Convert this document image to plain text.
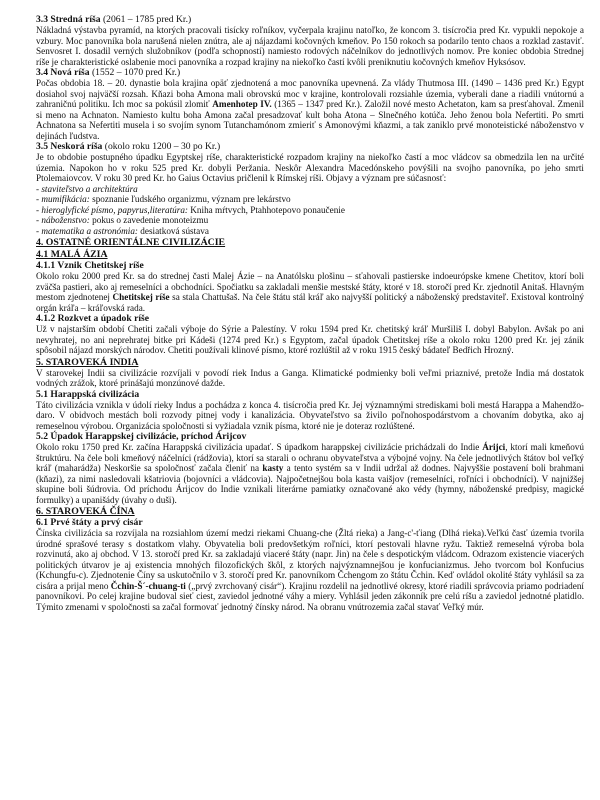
3.3 Stredná ríša (2061 – 1785 pred Kr.)

Nákladná výstavba pyramíd, na ktorých pracovali tisícky roľníkov, vyčerpala krajinu natoľko, že koncom 3. tisícročia pred Kr. vypukli nepokoje a vzbury. Moc panovníka bola narušená nielen znútra, ale aj nájazdami kočovných kmeňov. Po 150 rokoch sa podarilo tento chaos a rozklad zastaviť. Senvosret I. dosadil verných služobníkov (podľa schopností) namiesto rodových náčelníkov do jednotlivých nomov. Pre koniec obdobia Strednej ríše je charakteristické oslabenie moci panovníka a rozpad krajiny na niekoľko častí kvôli preniknutiu kočovných kmeňov Hyksósov.

3.4 Nová ríša (1552 – 1070 pred Kr.)

Počas obdobia 18. – 20. dynastie bola krajina opäť zjednotená a moc panovníka upevnená. Za vlády Thutmosa III. (1490 – 1436 pred Kr.) Egypt dosiahol svoj najväčší rozsah. Kňazi boha Amona mali obrovskú moc v krajine, kontrolovali rozsiahle územia, vyberali dane a riadili vnútornú a zahraničnú politiku. Ich moc sa pokúsil zlomiť Amenhotep IV. (1365 – 1347 pred Kr.). Založil nové mesto Achetaton, kam sa presťahoval. Zmenil si meno na Achnaton. Namiesto kultu boha Amona začal presadzovať kult boha Atona – Slnečného kotúča. Jeho ženou bola Nefertiti. Po smrti Achnatona sa Nefertiti musela i so svojím synom Tutanchamónom zmieriť s Amonovými kňazmi, a tak zaniklo prvé monoteistické náboženstvo v dejinách ľudstva.

3.5 Neskorá ríša (okolo roku 1200 – 30 po Kr.)

Je to obdobie postupného úpadku Egyptskej ríše, charakteristické rozpadom krajiny na niekoľko častí a moc vládcov sa obmedzila len na určité územia. Napokon ho v roku 525 pred Kr. dobyli Peržania. Neskôr Alexandra Macedónskeho povýšili na svojho panovníka, po jeho smrti Ptolemaiovcov. V roku 30 pred Kr. ho Gaius Octavius pričlenil k Rímskej ríši. Objavy a význam pre súčasnosť:

- staviteľstvo a architektúra
- mumifikácia: spoznanie ľudského organizmu, význam pre lekárstvo
- hieroglyfické písmo, papyrus,literatúra: Kniha mŕtvych, Ptahhotepovo ponaučenie
- náboženstvo: pokus o zavedenie monoteizmu
- matematika a astronómia: desiatková sústava
4. OSTATNÉ ORIENTÁLNE CIVILIZÁCIE
4.1 MALÁ ÁZIA
4.1.1 Vznik Chetitskej ríše

Okolo roku 2000 pred Kr. sa do strednej časti Malej Ázie – na Anatólsku plošinu – sťahovali pastierske indoeurópske kmene Chetitov, ktorí boli zväčša pastieri, ako aj remeselníci a obchodníci. Spočiatku sa zakladali menšie mestské štáty, ktoré v 18. storočí pred Kr. zjednotil Anitaš. Hlavným mestom zjednotenej Chetitskej ríše sa stala Chattušaš. Na čele štátu stál kráľ ako najvyšší politický a náboženský predstaviteľ. Existoval kontrolný orgán kráľa – kráľovská rada.

4.1.2 Rozkvet a úpadok ríše

Už v najstarším období Chetiti začali výboje do Sýrie a Palestíny. V roku 1594 pred Kr. chetitský kráľ Muršiliš I. dobyl Babylon. Avšak po ani nevyhratej, no ani neprehratej bitke pri Kádeši (1274 pred Kr.) s Egyptom, začal úpadok Chetitskej ríše a okolo roku 1200 pred Kr. jej zánik spôsobil nájazd morských národov. Chetiti používali klinové písmo, ktoré rozlúštil až v roku 1915 český bádateľ Bedřich Hrozný.

5. STAROVEKÁ INDIA

V starovekej Indii sa civilizácie rozvíjali v povodí riek Indus a Ganga. Klimatické podmienky boli veľmi priaznivé, pretože India má dostatok vodných zrážok, ktoré prinášajú monzúnové dažde.

5.1 Harappská civilizácia

Táto civilizácia vznikla v údolí rieky Indus a pochádza z konca 4. tisícročia pred Kr. Jej významnými strediskami boli mestá Harappa a Mahendžo-daro. V obidvoch mestách boli rozvody pitnej vody i kanalizácia. Obyvateľstvo sa živilo poľnohospodárstvom a chovaním dobytka, ako aj remeselnou výrobou. Organizácia spoločnosti si vyžiadala vznik písma, ktoré nie je doteraz rozlúštené.

5.2 Úpadok Harappskej civilizácie, príchod Árijcov

Okolo roku 1750 pred Kr. začína Harappská civilizácia upadať. S úpadkom harappskej civilizácie prichádzali do Indie Árijci, ktorí mali kmeňovú štruktúru. Na čele boli kmeňový náčelníci (rádžovia), ktorí sa starali o ochranu obyvateľstva a výbojné vojny. Na čele jednotlivých štátov bol veľký kráľ (maharádža) Neskoršie sa spoločnosť začala členiť na kasty a tento systém sa v Indii udržal až dodnes. Najvyššie postavení boli brahmani (kňazi), za nimi nasledovali kšatriovia (bojovníci a vládcovia). Najpočetnejšou bola kasta vaišjov (remeselníci, roľníci i obchodníci). V najnižšej skupine boli šúdrovia. Od príchodu Árijcov do Indie vznikali literárne pamiatky označované ako védy (hymny, náboženské predpisy, magické formulky) a upanišády (úvahy o duši).

6. STAROVEKÁ ČÍNA
6.1 Prvé štáty a prvý cisár

Čínska civilizácia sa rozvíjala na rozsiahlom území medzi riekami Chuang-che (Žltá rieka) a Jang-c'-ťiang (Dlhá rieka).Veľkú časť územia tvorila úrodné sprašové terasy s dostatkom vlahy. Obyvatelia boli predovšetkým roľníci, ktorí pestovali hlavne ryžu. Taktiež remeselná výroba bola rozvinutá, ako aj obchod. V 13. storočí pred Kr. sa zakladajú viaceré štáty (napr. Jin) na čele s despotickým vládcom. Odrazom existencie viacerých politických útvarov je aj existencia mnohých filozofických škôl, z ktorých najvýznamnejšou je konfucianizmus. Jeho tvorcom bol Konfucius (Kchungfu-c). Zjednotenie Číny sa uskutočnilo v 3. storočí pred Kr. panovníkom Čchengom zo štátu Čchin. Keď ovládol okolité štáty vyhlásil sa za cisára a prijal meno Čchin-Š´-chuang-ti („prvý zvrchovaný cisár“). Krajinu rozdelil na jednotlivé okresy, ktoré riadili správcovia priamo podriadení panovníkovi. Po celej krajine budoval sieť ciest, zaviedol jednotné váhy a miery. Vyhlásil jeden zákonník pre celú ríšu a zaviedol jednotné platidlo. Týmito zmenami v spoločnosti sa začal formovať jednotný čínsky národ. Na obranu vnútrozemia začal stavať Veľký múr.
